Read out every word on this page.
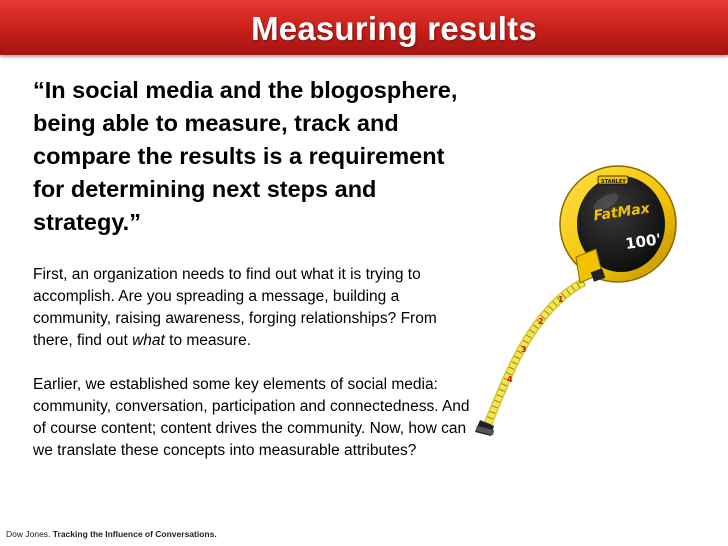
Measuring results
“In social media and the blogosphere, being able to measure, track and compare the results is a requirement for determining next steps and strategy.”
First, an organization needs to find out what it is trying to accomplish. Are you spreading a message, building a community, raising awareness, forging relationships? From there, find out what to measure.
Earlier, we established some key elements of social media: community, conversation, participation and connectedness. And of course content; content drives the community. Now, how can we translate these concepts into measurable attributes?
Dow Jones. Tracking the Influence of Conversations.
1
2
3
4
STANLEY
FatMax
100'
